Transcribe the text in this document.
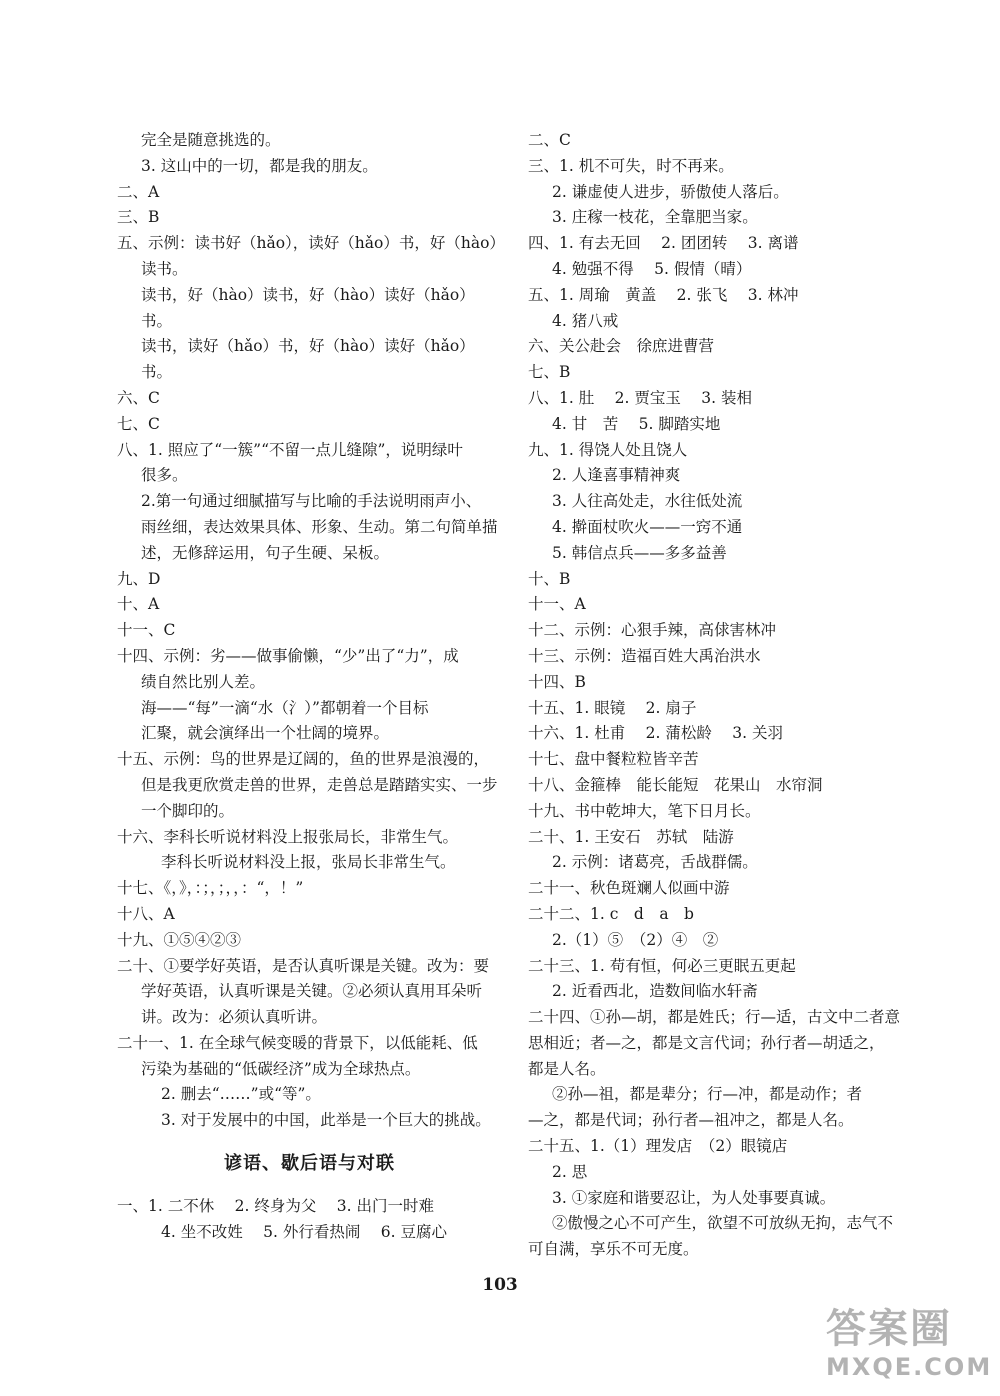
完全是随意挑选的。
3. 这山中的一切，都是我的朋友。
二、A
三、B
五、示例：读书好（hǎo），读好（hǎo）书，好（hào）
读书。
读书，好（hào）读书，好（hào）读好（hǎo）
书。
读书，读好（hǎo）书，好（hào）读好（hǎo）
书。
六、C
七、C
八、1. 照应了“一簇”“不留一点儿缝隙”，说明绿叶
很多。
2.第一句通过细腻描写与比喻的手法说明雨声小、
雨丝细，表达效果具体、形象、生动。第二句简单描
述，无修辞运用，句子生硬、呆板。
九、D
十、A
十一、C
十四、示例：劣——做事偷懒，“少”出了“力”，成
绩自然比别人差。
海——“每”一滴“水（氵）”都朝着一个目标
汇聚，就会演绎出一个壮阔的境界。
十五、示例：鸟的世界是辽阔的，鱼的世界是浪漫的，
但是我更欣赏走兽的世界，走兽总是踏踏实实、一步
一个脚印的。
十六、李科长听说材料没上报张局长，非常生气。
李科长听说材料没上报，张局长非常生气。
十七、《，》，：；，；，，：“，！”
十八、A
十九、①⑤④②③
二十、①要学好英语，是否认真听课是关键。改为：要
学好英语，认真听课是关键。②必须认真用耳朵听
讲。改为：必须认真听讲。
二十一、1. 在全球气候变暖的背景下，以低能耗、低
污染为基础的“低碳经济”成为全球热点。
2. 删去“……”或“等”。
3. 对于发展中的中国，此举是一个巨大的挑战。
谚语、歇后语与对联
一、1. 二不休　 2. 终身为父　 3. 出门一时难
4. 坐不改姓　 5. 外行看热闹　 6. 豆腐心
二、C
三、1. 机不可失，时不再来。
2. 谦虚使人进步，骄傲使人落后。
3. 庄稼一枝花，全靠肥当家。
四、1. 有去无回　 2. 团团转　 3. 离谱
4. 勉强不得　 5. 假情（晴）
五、1. 周瑜　黄盖　 2. 张飞　 3. 林冲
4. 猪八戒
六、关公赴会　徐庶进曹营
七、B
八、1. 肚　 2. 贾宝玉　 3. 装相
4. 甘　苦　 5. 脚踏实地
九、1. 得饶人处且饶人
2. 人逢喜事精神爽
3. 人往高处走，水往低处流
4. 擀面杖吹火——一窍不通
5. 韩信点兵——多多益善
十、B
十一、A
十二、示例：心狠手辣，高俅害林冲
十三、示例：造福百姓大禹治洪水
十四、B
十五、1. 眼镜　 2. 扇子
十六、1. 杜甫　 2. 蒲松龄　 3. 关羽
十七、盘中餐粒粒皆辛苦
十八、金箍棒　能长能短　花果山　水帘洞
十九、书中乾坤大，笔下日月长。
二十、1. 王安石　苏轼　陆游
2. 示例：诸葛亮，舌战群儒。
二十一、秋色斑斓人似画中游
二十二、1. c　d　a　b
2.（1）⑤　（2）④　②
二十三、1. 苟有恒，何必三更眠五更起
2. 近看西北，造数间临水轩斋
二十四、①孙—胡，都是姓氏；行—适，古文中二者意
思相近；者—之，都是文言代词；孙行者—胡适之，
都是人名。
②孙—祖，都是辈分；行—冲，都是动作；者
—之，都是代词；孙行者—祖冲之，都是人名。
二十五、1.（1）理发店　（2）眼镜店
2. 思
3. ①家庭和谐要忍让，为人处事要真诚。
②傲慢之心不可产生，欲望不可放纵无拘，志气不
可自满，享乐不可无度。
103
答案圈
MXQE.COM
